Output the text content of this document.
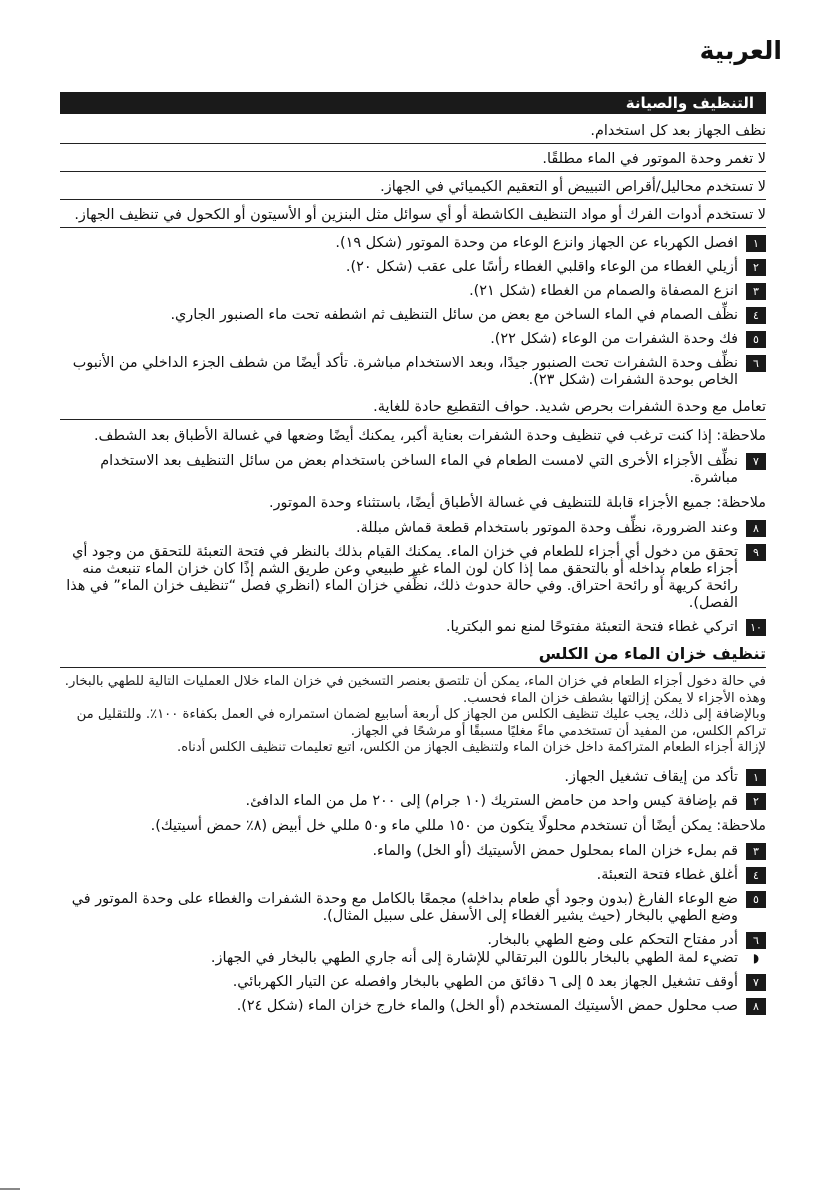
العربية
التنظيف والصيانة
نظف الجهاز بعد كل استخدام.
لا تغمر وحدة الموتور في الماء مطلقًا.
لا تستخدم محاليل/أقراص التبييض أو التعقيم الكيميائي في الجهاز.
لا تستخدم أدوات الفرك أو مواد التنظيف الكاشطة أو أي سوائل مثل البنزين أو الأسيتون أو الكحول في تنظيف الجهاز.
١
افصل الكهرباء عن الجهاز وانزع الوعاء من وحدة الموتور (شكل ١٩).
٢
أزيلي الغطاء من الوعاء واقلبي الغطاء رأسًا على عقب (شكل ٢٠).
٣
انزع المصفاة والصمام من الغطاء (شكل ٢١).
٤
نظِّف الصمام في الماء الساخن مع بعض من سائل التنظيف ثم اشطفه تحت ماء الصنبور الجاري.
٥
فك وحدة الشفرات من الوعاء (شكل ٢٢).
٦
نظِّف وحدة الشفرات تحت الصنبور جيدًا، وبعد الاستخدام مباشرة. تأكد أيضًا من شطف الجزء الداخلي من الأنبوب الخاص بوحدة الشفرات (شكل ٢٣).
تعامل مع وحدة الشفرات بحرص شديد. حواف التقطيع حادة للغاية.
ملاحظة: إذا كنت ترغب في تنظيف وحدة الشفرات بعناية أكبر، يمكنك أيضًا وضعها في غسالة الأطباق بعد الشطف.
٧
نظِّف الأجزاء الأخرى التي لامست الطعام في الماء الساخن باستخدام بعض من سائل التنظيف بعد الاستخدام مباشرة.
ملاحظة: جميع الأجزاء قابلة للتنظيف في غسالة الأطباق أيضًا، باستثناء وحدة الموتور.
٨
وعند الضرورة، نظِّف وحدة الموتور باستخدام قطعة قماش مبللة.
٩
تحقق من دخول أي أجزاء للطعام في خزان الماء. يمكنك القيام بذلك بالنظر في فتحة التعبئة للتحقق من وجود أي أجزاء طعام بداخله أو بالتحقق مما إذا كان لون الماء غير طبيعي وعن طريق الشم إذًا كان خزان الماء تنبعث منه رائحة كريهة أو رائحة احتراق. وفي حالة حدوث ذلك، نظِّفي خزان الماء (انظري فصل “تنظيف خزان الماء” في هذا الفصل).
١٠
اتركي غطاء فتحة التعبئة مفتوحًا لمنع نمو البكتريا.
تنظيف خزان الماء من الكلس
في حالة دخول أجزاء الطعام في خزان الماء، يمكن أن تلتصق بعنصر التسخين في خزان الماء خلال العمليات التالية للطهي بالبخار. وهذه الأجزاء لا يمكن إزالتها بشطف خزان الماء فحسب.
وبالإضافة إلى ذلك، يجب عليك تنظيف الكلس من الجهاز كل أربعة أسابيع لضمان استمراره في العمل بكفاءة ١٠٠٪. وللتقليل من تراكم الكلس، من المفيد أن تستخدمي ماءً مغليًا مسبقًا أو مرشحًا في الجهاز.
لإزالة أجزاء الطعام المتراكمة داخل خزان الماء ولتنظيف الجهاز من الكلس، اتبع تعليمات تنظيف الكلس أدناه.
١
تأكد من إيقاف تشغيل الجهاز.
٢
قم بإضافة كيس واحد من حامض الستريك (١٠ جرام) إلى ٢٠٠ مل من الماء الدافئ.
ملاحظة: يمكن أيضًا أن تستخدم محلولًا يتكون من ١٥٠ مللي ماء و٥٠ مللي خل أبيض (٨٪ حمض أسيتيك).
٣
قم بملء خزان الماء بمحلول حمض الأسيتيك (أو الخل) والماء.
٤
أغلق غطاء فتحة التعبئة.
٥
ضع الوعاء الفارغ (بدون وجود أي طعام بداخله) مجمعًا بالكامل مع وحدة الشفرات والغطاء على وحدة الموتور في وضع الطهي بالبخار (حيث يشير الغطاء إلى الأسفل على سبيل المثال).
٦
أدر مفتاح التحكم على وضع الطهي بالبخار.
◗
تضيء لمة الطهي بالبخار باللون البرتقالي للإشارة إلى أنه جاري الطهي بالبخار في الجهاز.
٧
أوقف تشغيل الجهاز بعد ٥ إلى ٦ دقائق من الطهي بالبخار وافصله عن التيار الكهربائي.
٨
صب محلول حمض الأسيتيك المستخدم (أو الخل) والماء خارج خزان الماء (شكل ٢٤).
